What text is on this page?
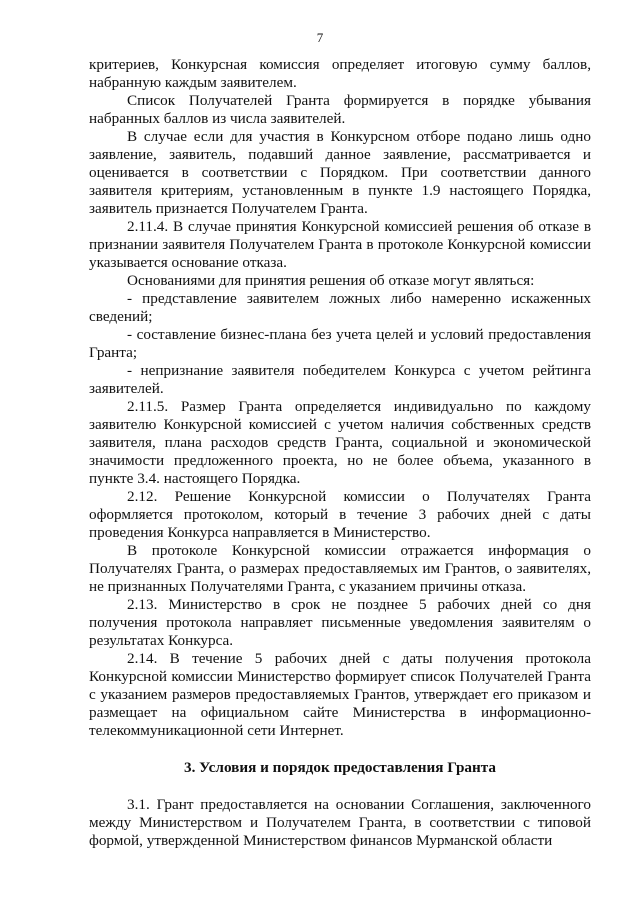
7

критериев, Конкурсная комиссия определяет итоговую сумму баллов, набранную каждым заявителем.

Список Получателей Гранта формируется в порядке убывания набранных баллов из числа заявителей.

В случае если для участия в Конкурсном отборе подано лишь одно заявление, заявитель, подавший данное заявление, рассматривается и оценивается в соответствии с Порядком. При соответствии данного заявителя критериям, установленным в пункте 1.9 настоящего Порядка, заявитель признается Получателем Гранта.

2.11.4. В случае принятия Конкурсной комиссией решения об отказе в признании заявителя Получателем Гранта в протоколе Конкурсной комиссии указывается основание отказа.

Основаниями для принятия решения об отказе могут являться:

- представление заявителем ложных либо намеренно искаженных сведений;

- составление бизнес-плана без учета целей и условий предоставления Гранта;

- непризнание заявителя победителем Конкурса с учетом рейтинга заявителей.

2.11.5. Размер Гранта определяется индивидуально по каждому заявителю Конкурсной комиссией с учетом наличия собственных средств заявителя, плана расходов средств Гранта, социальной и экономической значимости предложенного проекта, но не более объема, указанного в пункте 3.4. настоящего Порядка.

2.12. Решение Конкурсной комиссии о Получателях Гранта оформляется протоколом, который в течение 3 рабочих дней с даты проведения Конкурса направляется в Министерство.

В протоколе Конкурсной комиссии отражается информация о Получателях Гранта, о размерах предоставляемых им Грантов, о заявителях, не признанных Получателями Гранта, с указанием причины отказа.

2.13. Министерство в срок не позднее 5 рабочих дней со дня получения протокола направляет письменные уведомления заявителям о результатах Конкурса.

2.14. В течение 5 рабочих дней с даты получения протокола Конкурсной комиссии Министерство формирует список Получателей Гранта с указанием размеров предоставляемых Грантов, утверждает его приказом и размещает на официальном сайте Министерства в информационно-телекоммуникационной сети Интернет.

3. Условия и порядок предоставления Гранта

3.1. Грант предоставляется на основании Соглашения, заключенного между Министерством и Получателем Гранта, в соответствии с типовой формой, утвержденной Министерством финансов Мурманской области
